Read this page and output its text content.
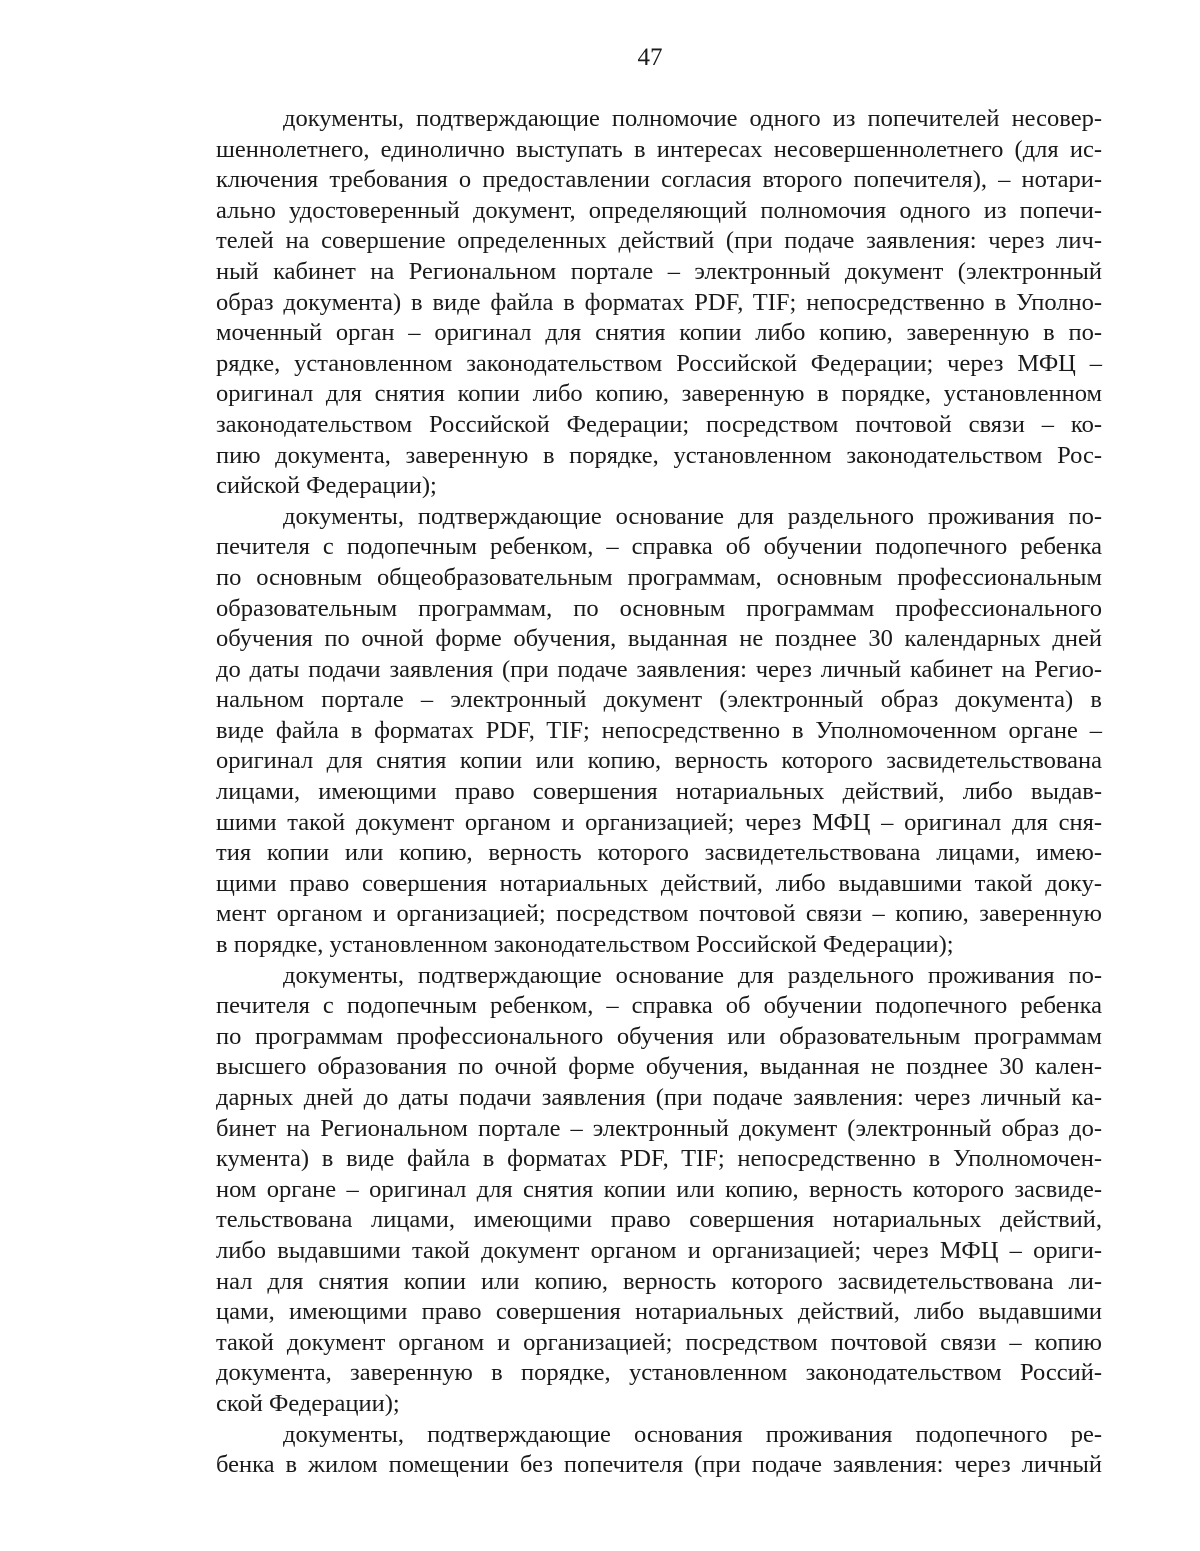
47
документы, подтверждающие полномочие одного из попечителей несовер-
шеннолетнего, единолично выступать в интересах несовершеннолетнего (для ис-
ключения требования о предоставлении согласия второго попечителя), – нотари-
ально удостоверенный документ, определяющий полномочия одного из попечи-
телей на совершение определенных действий (при подаче заявления: через лич-
ный кабинет на Региональном портале – электронный документ (электронный
образ документа) в виде файла в форматах PDF, TIF; непосредственно в Уполно-
моченный орган – оригинал для снятия копии либо копию, заверенную в по-
рядке, установленном законодательством Российской Федерации; через МФЦ –
оригинал для снятия копии либо копию, заверенную в порядке, установленном
законодательством Российской Федерации; посредством почтовой связи – ко-
пию документа, заверенную в порядке, установленном законодательством Рос-
сийской Федерации);
документы, подтверждающие основание для раздельного проживания по-
печителя с подопечным ребенком, – справка об обучении подопечного ребенка
по основным общеобразовательным программам, основным профессиональным
образовательным программам, по основным программам профессионального
обучения по очной форме обучения, выданная не позднее 30 календарных дней
до даты подачи заявления (при подаче заявления: через личный кабинет на Регио-
нальном портале – электронный документ (электронный образ документа) в
виде файла в форматах PDF, TIF; непосредственно в Уполномоченном органе –
оригинал для снятия копии или копию, верность которого засвидетельствована
лицами, имеющими право совершения нотариальных действий, либо выдав-
шими такой документ органом и организацией; через МФЦ – оригинал для сня-
тия копии или копию, верность которого засвидетельствована лицами, имею-
щими право совершения нотариальных действий, либо выдавшими такой доку-
мент органом и организацией; посредством почтовой связи – копию, заверенную
в порядке, установленном законодательством Российской Федерации);
документы, подтверждающие основание для раздельного проживания по-
печителя с подопечным ребенком, – справка об обучении подопечного ребенка
по программам профессионального обучения или образовательным программам
высшего образования по очной форме обучения, выданная не позднее 30 кален-
дарных дней до даты подачи заявления (при подаче заявления: через личный ка-
бинет на Региональном портале – электронный документ (электронный образ до-
кумента) в виде файла в форматах PDF, TIF; непосредственно в Уполномочен-
ном органе – оригинал для снятия копии или копию, верность которого засвиде-
тельствована лицами, имеющими право совершения нотариальных действий,
либо выдавшими такой документ органом и организацией; через МФЦ – ориги-
нал для снятия копии или копию, верность которого засвидетельствована ли-
цами, имеющими право совершения нотариальных действий, либо выдавшими
такой документ органом и организацией; посредством почтовой связи – копию
документа, заверенную в порядке, установленном законодательством Россий-
ской Федерации);
документы, подтверждающие основания проживания подопечного ре-
бенка в жилом помещении без попечителя (при подаче заявления: через личный
